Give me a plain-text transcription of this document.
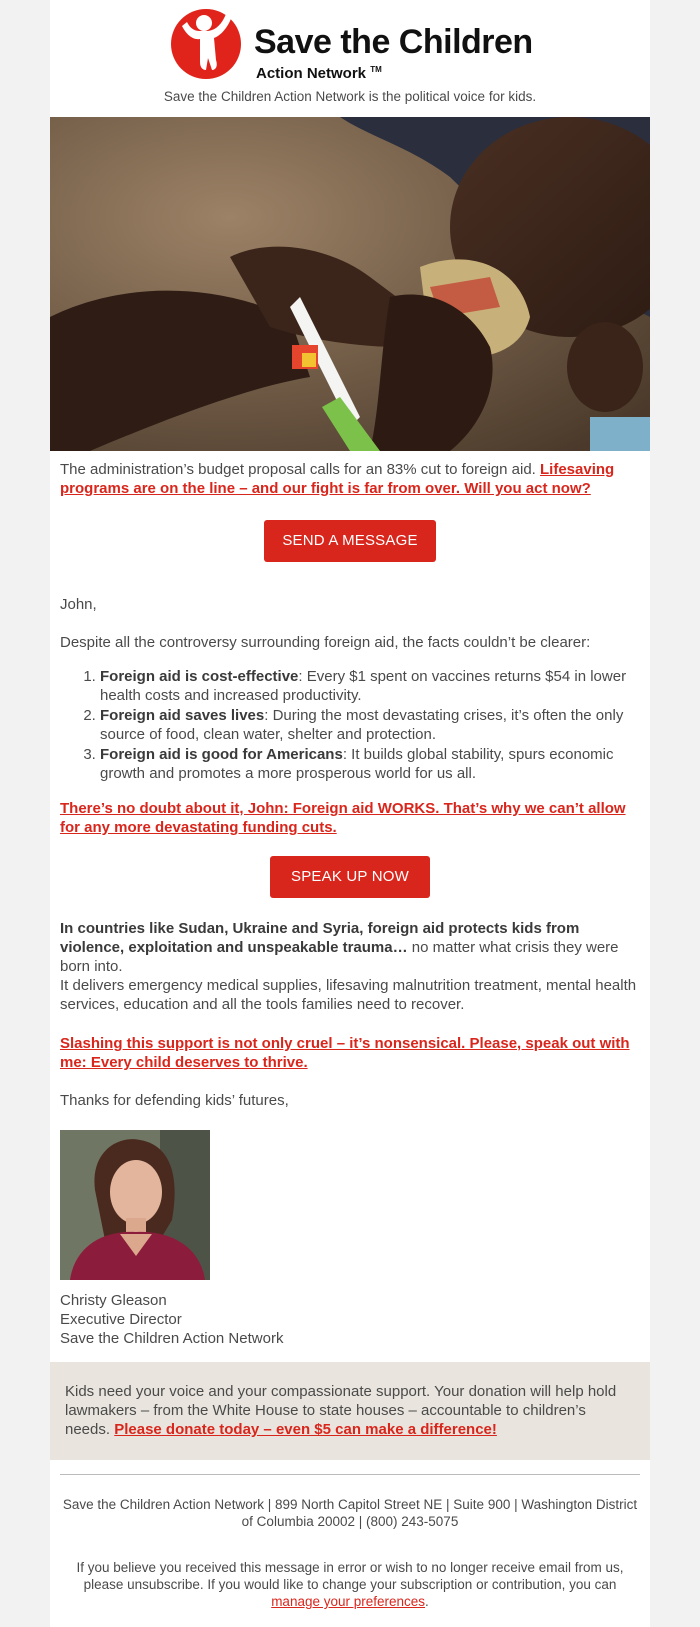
Save the Children
Action Network ™
Save the Children Action Network is the political voice for kids.
The administration’s budget proposal calls for an 83% cut to foreign aid. Lifesaving programs are on the line – and our fight is far from over. Will you act now?
SEND A MESSAGE
John,
Despite all the controversy surrounding foreign aid, the facts couldn’t be clearer:
1. Foreign aid is cost-effective: Every $1 spent on vaccines returns $54 in lower health costs and increased productivity.
2. Foreign aid saves lives: During the most devastating crises, it’s often the only source of food, clean water, shelter and protection.
3. Foreign aid is good for Americans: It builds global stability, spurs economic growth and promotes a more prosperous world for us all.
There’s no doubt about it, John: Foreign aid WORKS. That’s why we can’t allow for any more devastating funding cuts.
SPEAK UP NOW
In countries like Sudan, Ukraine and Syria, foreign aid protects kids from violence, exploitation and unspeakable trauma… no matter what crisis they were born into.
It delivers emergency medical supplies, lifesaving malnutrition treatment, mental health services, education and all the tools families need to recover.
Slashing this support is not only cruel – it’s nonsensical. Please, speak out with me: Every child deserves to thrive.
Thanks for defending kids’ futures,
Christy Gleason
Executive Director
Save the Children Action Network
Kids need your voice and your compassionate support. Your donation will help hold lawmakers – from the White House to state houses – accountable to children’s needs. Please donate today – even $5 can make a difference!
Save the Children Action Network | 899 North Capitol Street NE | Suite 900 | Washington District of Columbia 20002 | (800) 243-5075
If you believe you received this message in error or wish to no longer receive email from us, please unsubscribe. If you would like to change your subscription or contribution, you can manage your preferences.
